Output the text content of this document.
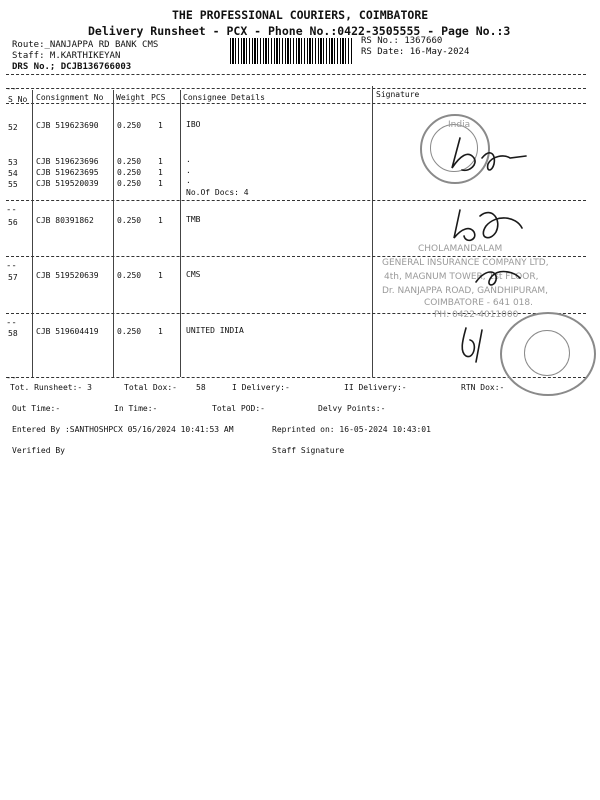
THE PROFESSIONAL COURIERS, COIMBATORE
Delivery Runsheet - PCX - Phone No.:0422-3505555 - Page No.:3
Route:_NANJAPPA RD BANK CMS
Staff: M.KARTHIKEYAN
DRS No.; DCJB136766003
RS No.: 1367660
RS Date: 16-May-2024
--
S No Consignment No Weight PCS Consignee Details	Signature
52 CJB 519623690 0.250 1	IBO
53 CJB 519623696 0.250 1	.
54 CJB 519623695 0.250 1	.
55 CJB 519520039 0.250 1	.
No.Of Docs: 4
--
56 CJB 80391862	0.250 1	TMB
--
57 CJB 519520639 0.250 1	CMS
--
58 CJB 519604419 0.250 1	UNITED INDIA
--
India
CHOLAMANDALAM
GENERAL INSURANCE COMPANY LTD,
4th, MAGNUM TOWER, 1st FLOOR,
Dr. NANJAPPA ROAD, GANDHIPURAM,
COIMBATORE - 641 018.
PH: 0422-4011000
Tot. Runsheet:- 3	Total Dox:- 58	I Delivery:-	II Delivery:-	RTN Dox:-
Out Time:-	In Time:-	Total POD:-	Delvy Points:-
Entered By :SANTHOSHPCX 05/16/2024 10:41:53 AM	Reprinted on: 16-05-2024 10:43:01
Verified By	Staff Signature
